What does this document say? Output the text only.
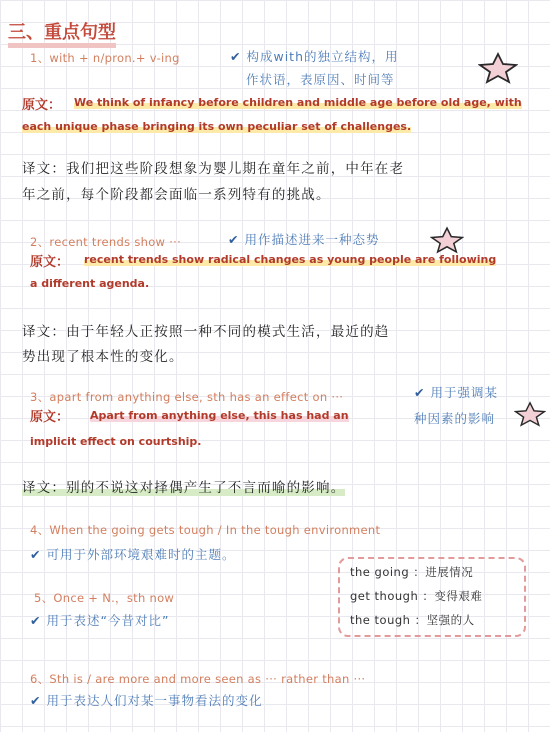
三、重点句型
1、with + n/pron.+ v-ing	✔ 构成with的独立结构，用
作状语，表原因、时间等
原文： We think of infancy before children and middle age before old age, with
each unique phase bringing its own peculiar set of challenges.
译文：我们把这些阶段想象为婴儿期在童年之前，中年在老
年之前，每个阶段都会面临一系列特有的挑战。
2、recent trends show ···	✔ 用作描述进来一种态势
原文： recent trends show radical changes as young people are following
a different agenda.
译文：由于年轻人正按照一种不同的模式生活，最近的趋
势出现了根本性的变化。
3、apart from anything else, sth has an effect on ···	✔ 用于强调某
种因素的影响
原文： Apart from anything else, this has had an
implicit effect on courtship.
译文：别的不说这对择偶产生了不言而喻的影响。
4、When the going gets tough / In the tough environment
✔ 可用于外部环境艰难时的主题。
5、Once + N.，sth now
✔ 用于表述“今昔对比”
the going ：进展情况
get though ：变得艰难
the tough ：坚强的人
6、Sth is / are more and more seen as ··· rather than ···
✔ 用于表达人们对某一事物看法的变化
